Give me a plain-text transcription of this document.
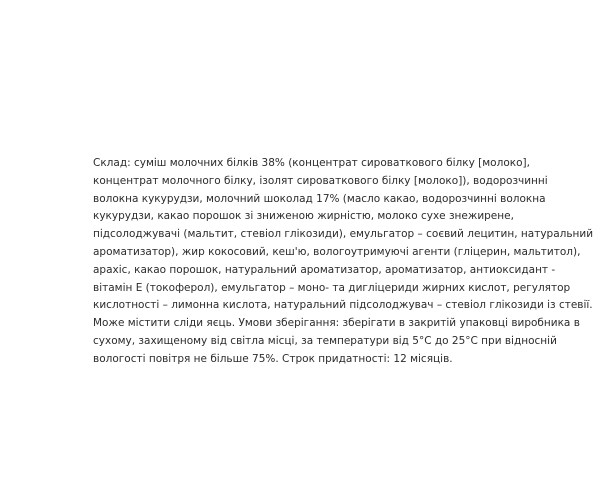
Склад: суміш молочних білків 38% (концентрат сироваткового білку [молоко],
концентрат молочного білку, ізолят сироваткового білку [молоко]), водорозчинні
волокна кукурудзи, молочний шоколад 17% (масло какао, водорозчинні волокна
кукурудзи, какао порошок зі зниженою жирністю, молоко сухе знежирене,
підсолоджувачі (мальтит, стевіол глікозиди), емульгатор – соєвий лецитин, натуральний
ароматизатор), жир кокосовий, кеш'ю, вологоутримуючі агенти (гліцерин, мальтитол),
арахіс, какао порошок, натуральний ароматизатор, ароматизатор, антиоксидант -
вітамін Е (токоферол), емульгатор – моно- та дигліцериди жирних кислот, регулятор
кислотності – лимонна кислота, натуральний підсолоджувач – стевіол глікозиди із стевії.
Може містити сліди яєць. Умови зберігання: зберігати в закритій упаковці виробника в
сухому, захищеному від світла місці, за температури від 5°С до 25°С при відносній
вологості повітря не більше 75%. Строк придатності: 12 місяців.
